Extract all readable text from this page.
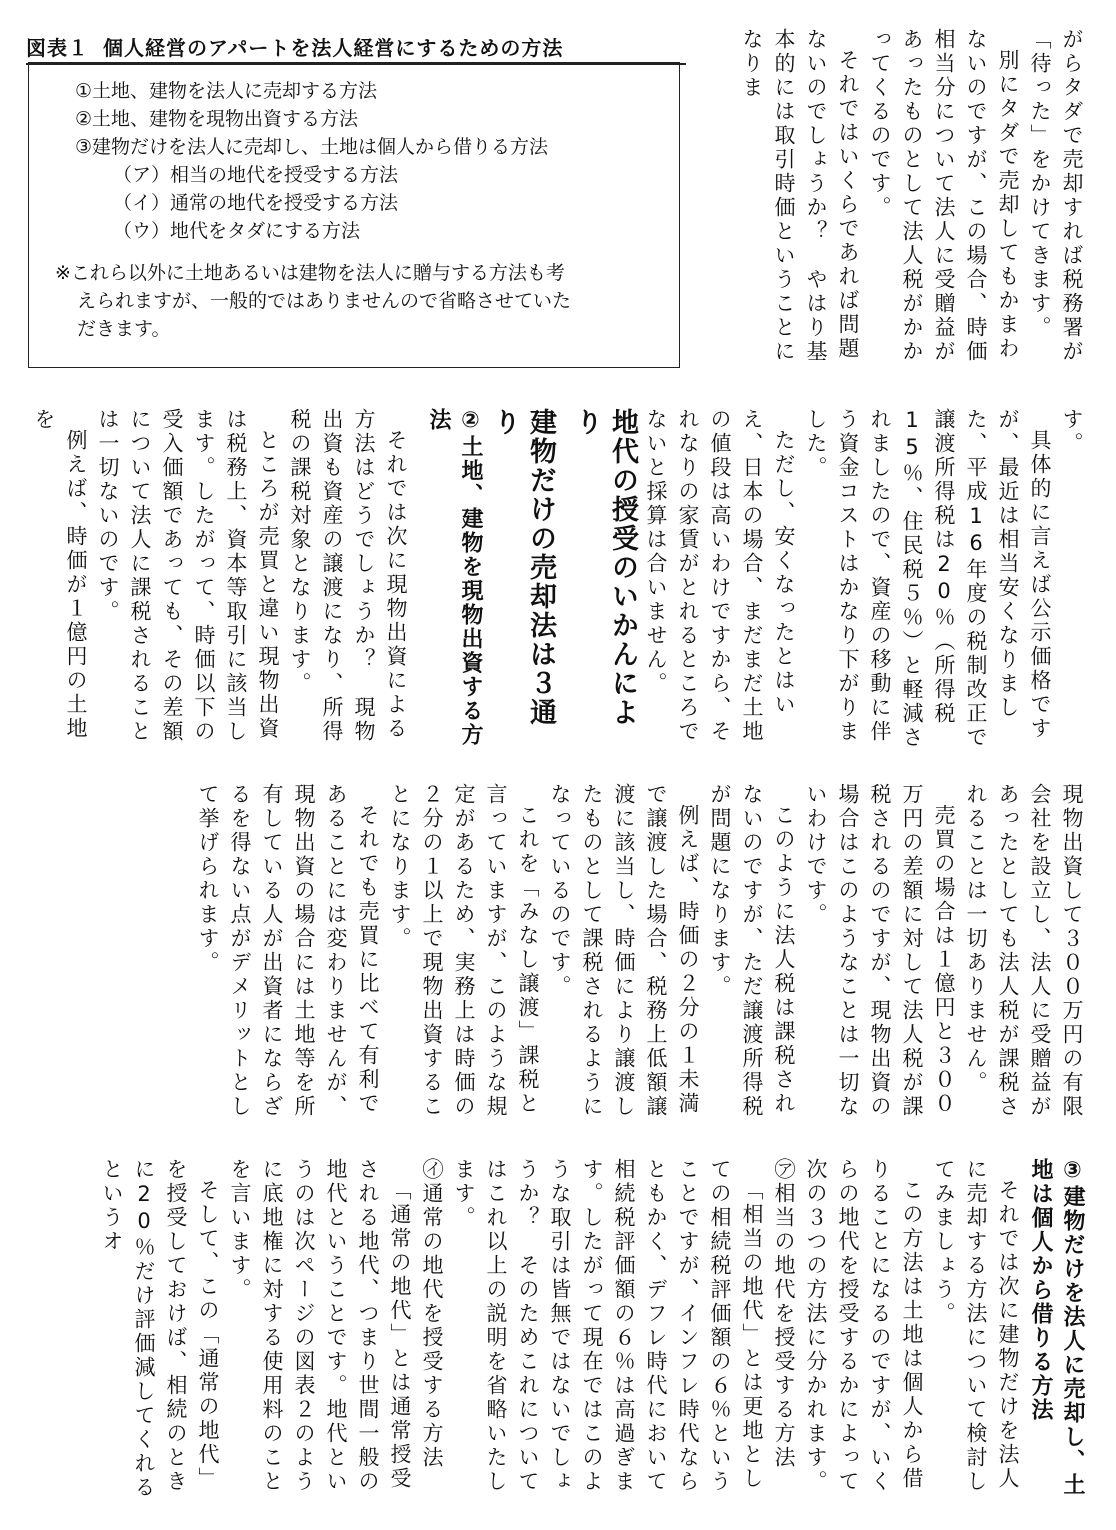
図表１ 個人経営のアパートを法人経営にするための方法
①土地、建物を法人に売却する方法
②土地、建物を現物出資する方法
③建物だけを法人に売却し、土地は個人から借りる方法
（ア）相当の地代を授受する方法
（イ）通常の地代を授受する方法
（ウ）地代をタダにする方法
※これら以外に土地あるいは建物を法人に贈与する方法も考
えられますが、一般的ではありませんので省略させていた
だきます。	がらタダで売却すれば税務署が「待った」をかけてきます。

別にタダで売却してもかまわないのですが、この場合、時価相当分について法人に受贈益があったものとして法人税がかかってくるのです。

それではいくらであれば問題ないのでしょうか？　やはり基本的には取引時価ということになりま

す。

具体的に言えば公示価格ですが、最近は相当安くなりました、平成16年度の税制改正で譲渡所得税は20％（所得税15％、住民税５％）と軽減されましたので、資産の移動に伴う資金コストはかなり下がりました。

ただし、安くなったとはいえ、日本の場合、まだまだ土地の値段は高いわけですから、それなりの家賃がとれるところでないと採算は合いません。

地代の授受のいかんにより

建物だけの売却法は３通り

②土地、建物を現物出資する方法

それでは次に現物出資による方法はどうでしょうか？　現物出資も資産の譲渡になり、所得税の課税対象となります。

ところが売買と違い現物出資は税務上、資本等取引に該当します。したがって、時価以下の受入価額であっても、その差額について法人に課税されることは一切ないのです。

例えば、時価が１億円の土地を

現物出資して３００万円の有限会社を設立し、法人に受贈益があったとしても法人税が課税されることは一切ありません。

売買の場合は１億円と３００万円の差額に対して法人税が課税されるのですが、現物出資の場合はこのようなことは一切ないわけです。

このように法人税は課税されないのですが、ただ譲渡所得税が問題になります。

例えば、時価の２分の１未満で譲渡した場合、税務上低額譲渡に該当し、時価により譲渡したものとして課税されるようになっているのです。

これを「みなし譲渡」課税と言っていますが、このような規定があるため、実務上は時価の２分の１以上で現物出資することになります。

それでも売買に比べて有利であることには変わりませんが、現物出資の場合には土地等を所有している人が出資者にならざるを得ない点がデメリットとして挙げられます。

③建物だけを法人に売却し、土地は個人から借りる方法

それでは次に建物だけを法人に売却する方法について検討してみましょう。

この方法は土地は個人から借りることになるのですが、いくらの地代を授受するかによって次の３つの方法に分かれます。

㋐相当の地代を授受する方法

「相当の地代」とは更地としての相続税評価額の６％ということですが、インフレ時代ならともかく、デフレ時代において相続税評価額の６％は高過ぎます。したがって現在ではこのような取引は皆無ではないでしょうか？　そのためこれについてはこれ以上の説明を省略いたします。

㋑通常の地代を授受する方法

「通常の地代」とは通常授受される地代、つまり世間一般の地代ということです。地代というのは次ページの図表２のように底地権に対する使用料のことを言います。

そして、この「通常の地代」を授受しておけば、相続のときに20％だけ評価減してくれるというオ
